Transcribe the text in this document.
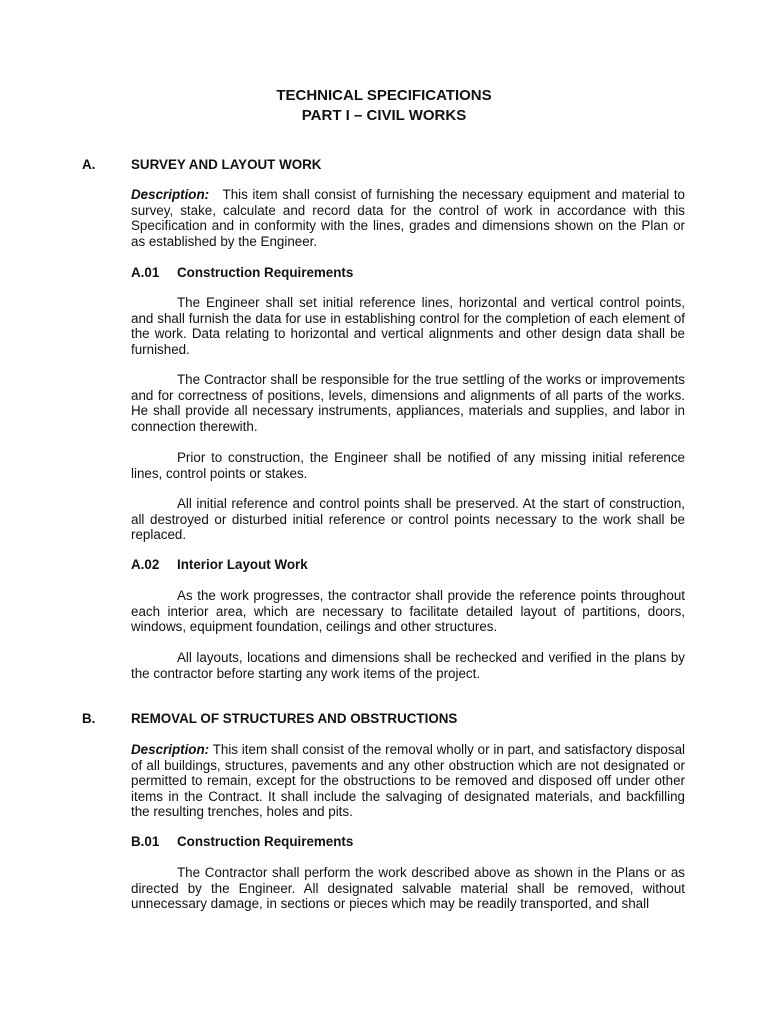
TECHNICAL SPECIFICATIONS
PART I – CIVIL WORKS
A.	SURVEY AND LAYOUT WORK
Description: This item shall consist of furnishing the necessary equipment and material to survey, stake, calculate and record data for the control of work in accordance with this Specification and in conformity with the lines, grades and dimensions shown on the Plan or as established by the Engineer.
A.01 Construction Requirements
The Engineer shall set initial reference lines, horizontal and vertical control points, and shall furnish the data for use in establishing control for the completion of each element of the work. Data relating to horizontal and vertical alignments and other design data shall be furnished.
The Contractor shall be responsible for the true settling of the works or improvements and for correctness of positions, levels, dimensions and alignments of all parts of the works. He shall provide all necessary instruments, appliances, materials and supplies, and labor in connection therewith.
Prior to construction, the Engineer shall be notified of any missing initial reference lines, control points or stakes.
All initial reference and control points shall be preserved. At the start of construction, all destroyed or disturbed initial reference or control points necessary to the work shall be replaced.
A.02 Interior Layout Work
As the work progresses, the contractor shall provide the reference points throughout each interior area, which are necessary to facilitate detailed layout of partitions, doors, windows, equipment foundation, ceilings and other structures.
All layouts, locations and dimensions shall be rechecked and verified in the plans by the contractor before starting any work items of the project.
B.	REMOVAL OF STRUCTURES AND OBSTRUCTIONS
Description: This item shall consist of the removal wholly or in part, and satisfactory disposal of all buildings, structures, pavements and any other obstruction which are not designated or permitted to remain, except for the obstructions to be removed and disposed off under other items in the Contract. It shall include the salvaging of designated materials, and backfilling the resulting trenches, holes and pits.
B.01 Construction Requirements
The Contractor shall perform the work described above as shown in the Plans or as directed by the Engineer. All designated salvable material shall be removed, without unnecessary damage, in sections or pieces which may be readily transported, and shall
